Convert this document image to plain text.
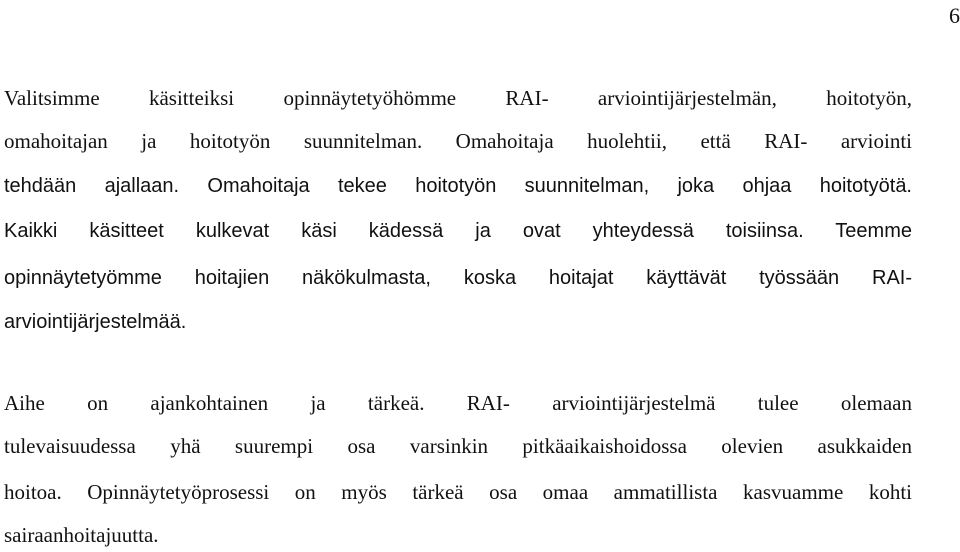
6
Valitsimme käsitteiksi opinnäytetyöhömme RAI- arviointijärjestelmän, hoitotyön,
omahoitajan ja hoitotyön suunnitelman. Omahoitaja huolehtii, että RAI- arviointi
tehdään ajallaan. Omahoitaja tekee hoitotyön suunnitelman, joka ohjaa hoitotyötä.
Kaikki käsitteet kulkevat käsi kädessä ja ovat yhteydessä toisiinsa. Teemme
opinnäytetyömme hoitajien näkökulmasta, koska hoitajat käyttävät työssään RAI-
arviointijärjestelmää.
Aihe on ajankohtainen ja tärkeä. RAI- arviointijärjestelmä tulee olemaan
tulevaisuudessa yhä suurempi osa varsinkin pitkäaikaishoidossa olevien asukkaiden
hoitoa. Opinnäytetyöprosessi on myös tärkeä osa omaa ammatillista kasvuamme kohti
sairaanhoitajuutta.
